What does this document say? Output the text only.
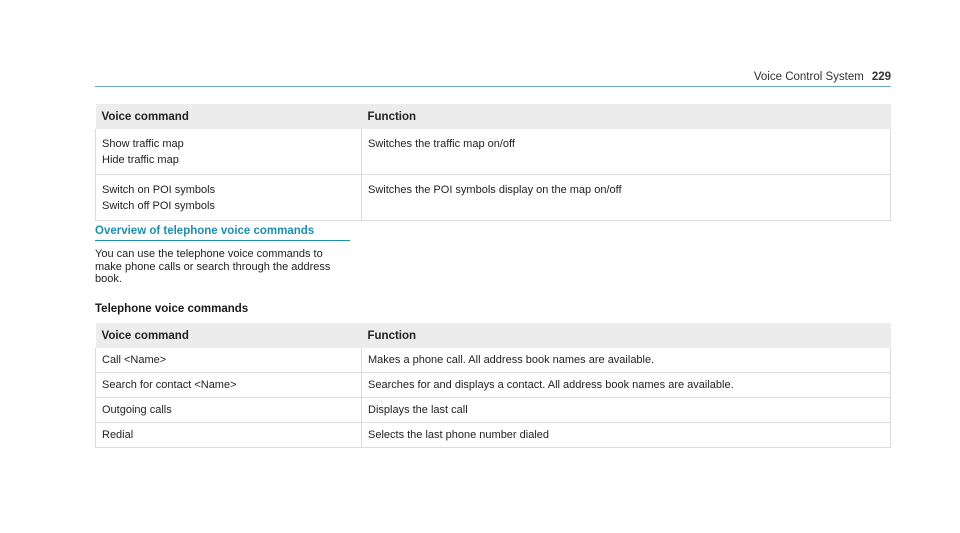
Voice Control System 229
Voice command	Function

Show traffic map
Hide traffic map	Switches the traffic map on/off

Switch on POI symbols
Switch off POI symbols	Switches the POI symbols display on the map on/off
Overview of telephone voice commands
You can use the telephone voice commands to
make phone calls or search through the address
book.
Telephone voice commands
Voice command	Function
Call <Name>	Makes a phone call. All address book names are available.
Search for contact <Name>	Searches for and displays a contact. All address book names are available.
Outgoing calls	Displays the last call
Redial	Selects the last phone number dialed
